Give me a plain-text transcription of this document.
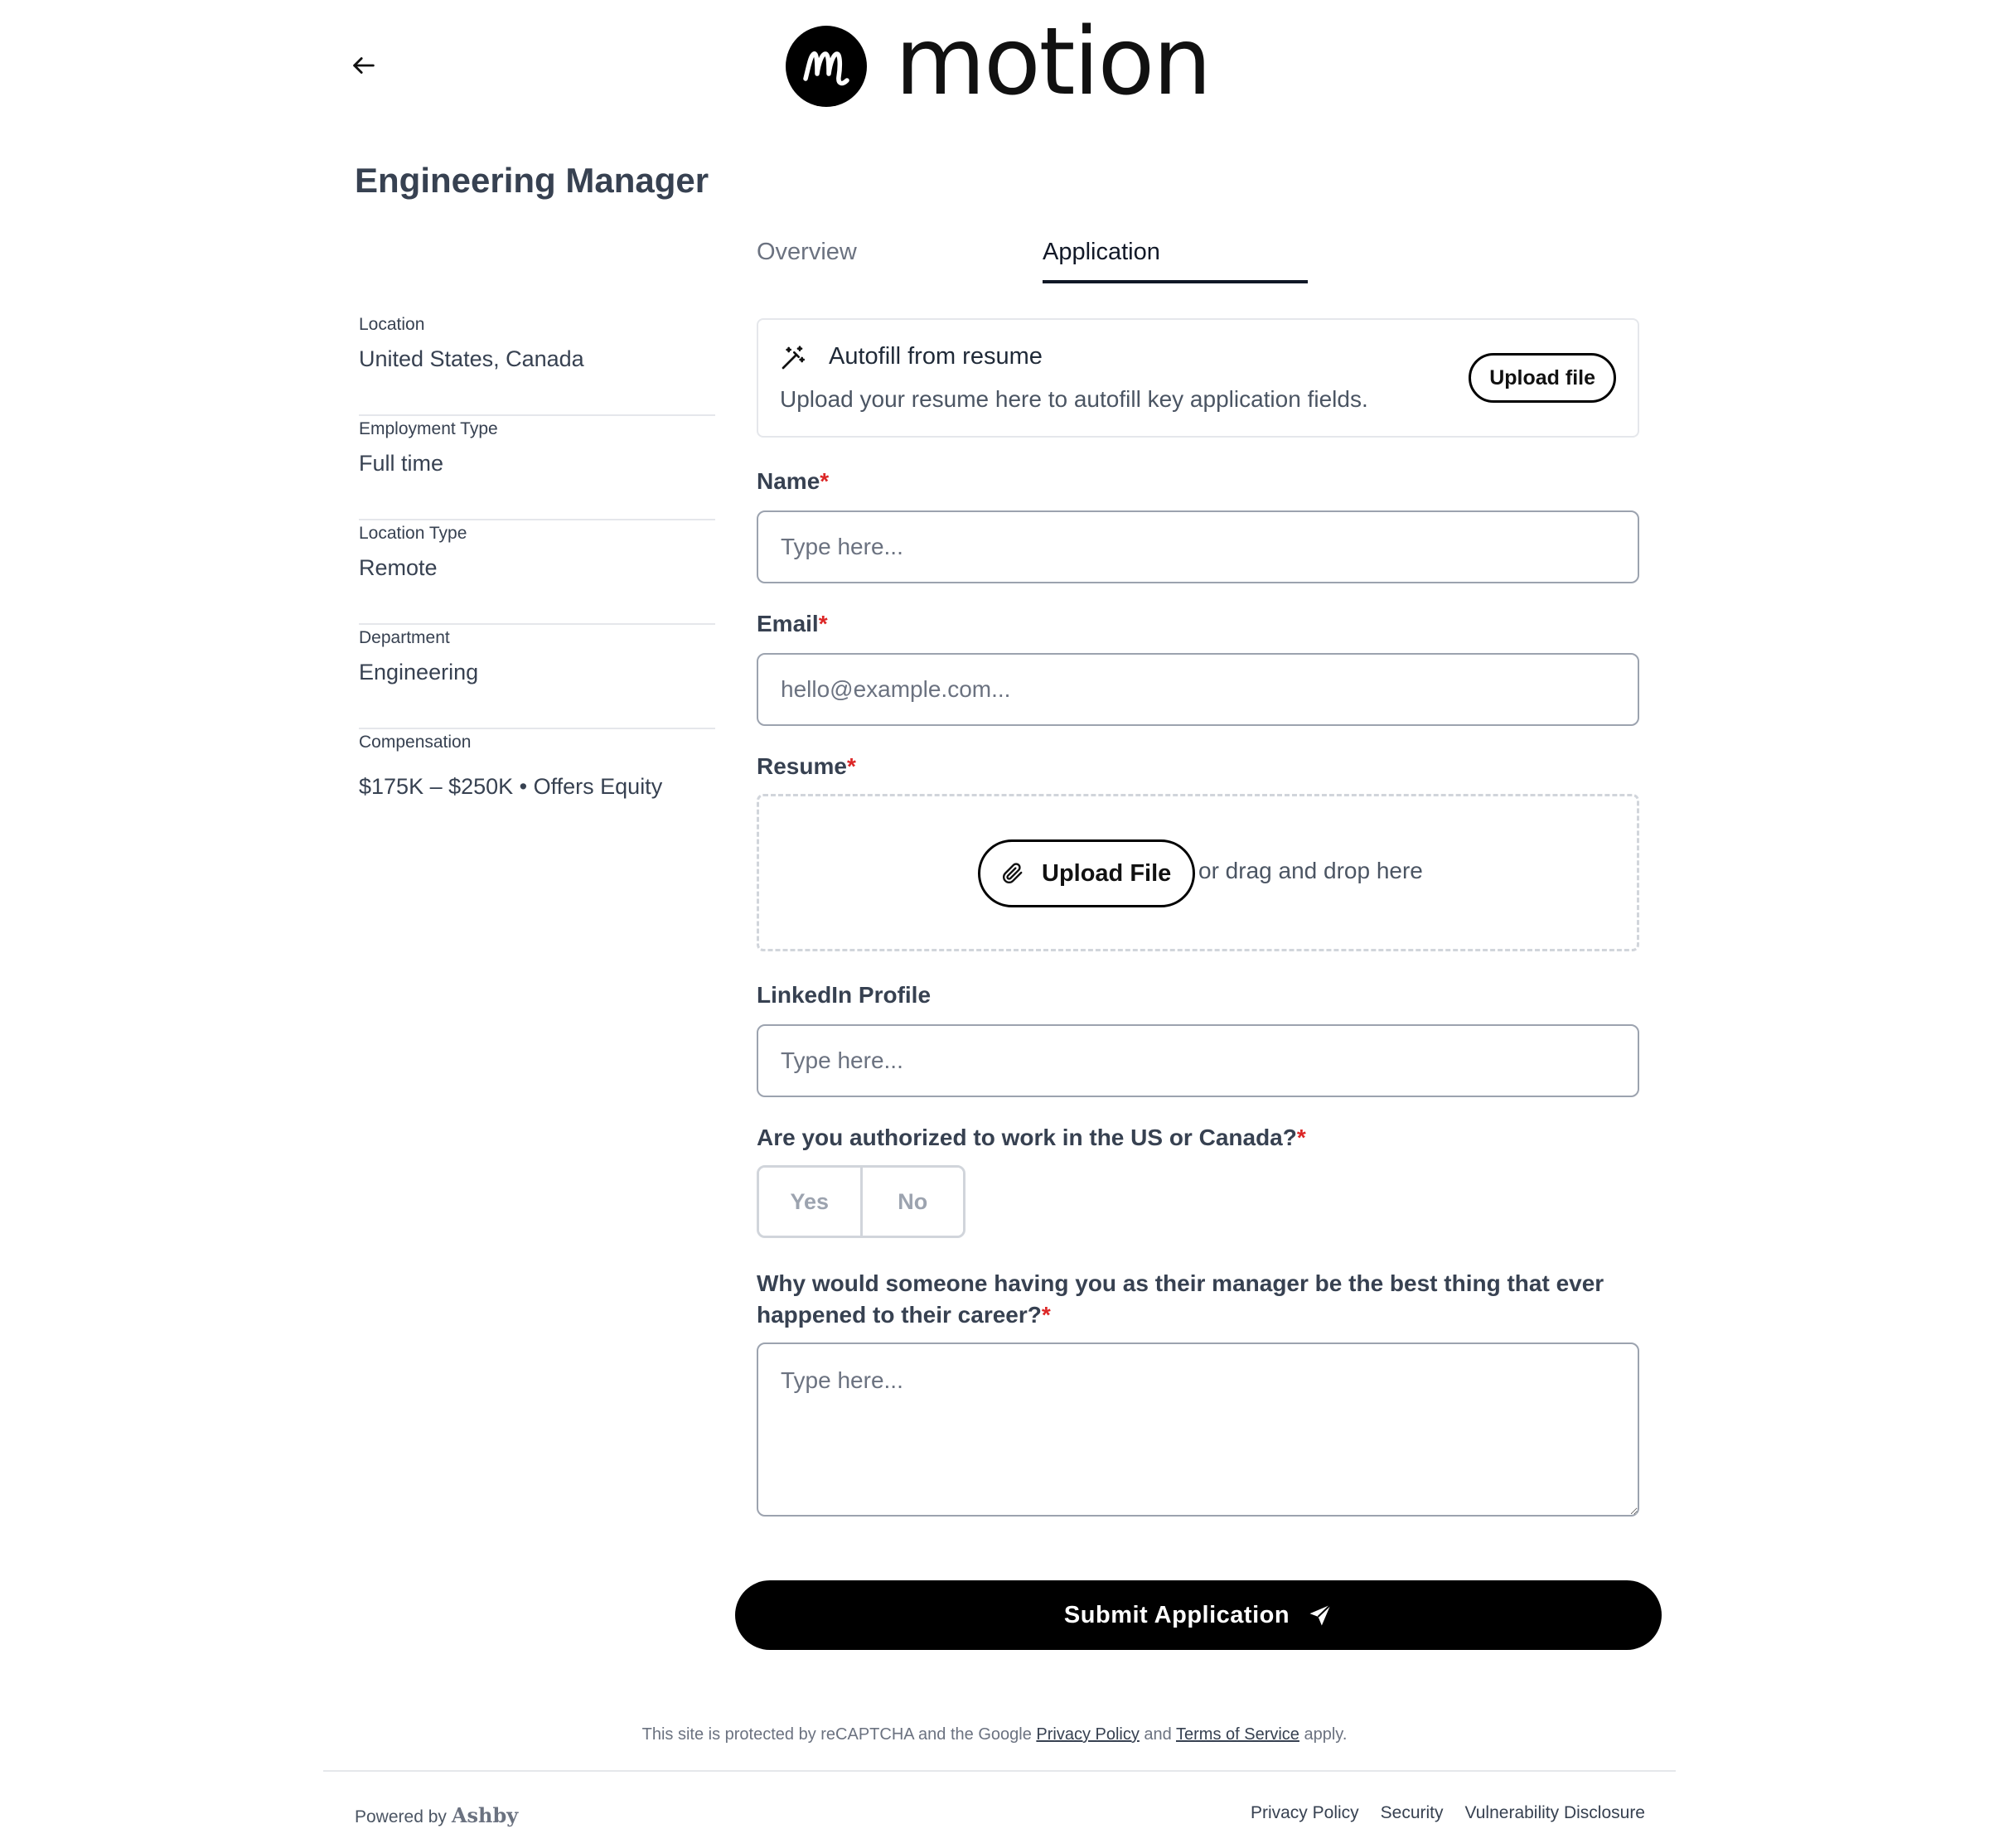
motion
Engineering Manager
Overview	Application
Location
United States, Canada
Employment Type
Full time
Location Type
Remote
Department
Engineering
Compensation
$175K – $250K • Offers Equity
Autofill from resume
Upload your resume here to autofill key application fields.
Upload file
Name*
Type here...
Email*
hello@example.com...
Resume*
Upload File or drag and drop here
LinkedIn Profile
Type here...
Are you authorized to work in the US or Canada?*
Yes	No
Why would someone having you as their manager be the best thing that ever
happened to their career?*
Type here...
Submit Application
This site is protected by reCAPTCHA and the Google Privacy Policy and Terms of Service apply.
Powered by Ashby	Privacy Policy Security Vulnerability Disclosure
